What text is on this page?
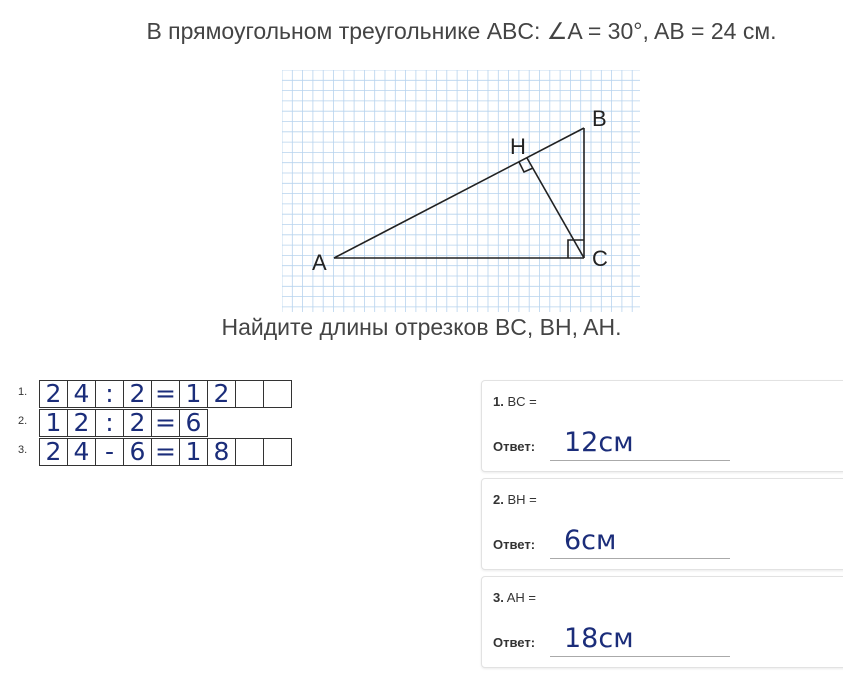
В прямоугольном треугольнике ABC: ∠A = 30°, AB = 24 см.
A
B
C
H
Найдите длины отрезков BC, BH, AH.
1. 2 4 : 2 = 1 2
2. 1 2 : 2 = 6
3. 2 4 - 6 = 1 8
1. BC =
Ответ: 12см
2. BH =
Ответ: 6см
3. AH =
Ответ: 18см
